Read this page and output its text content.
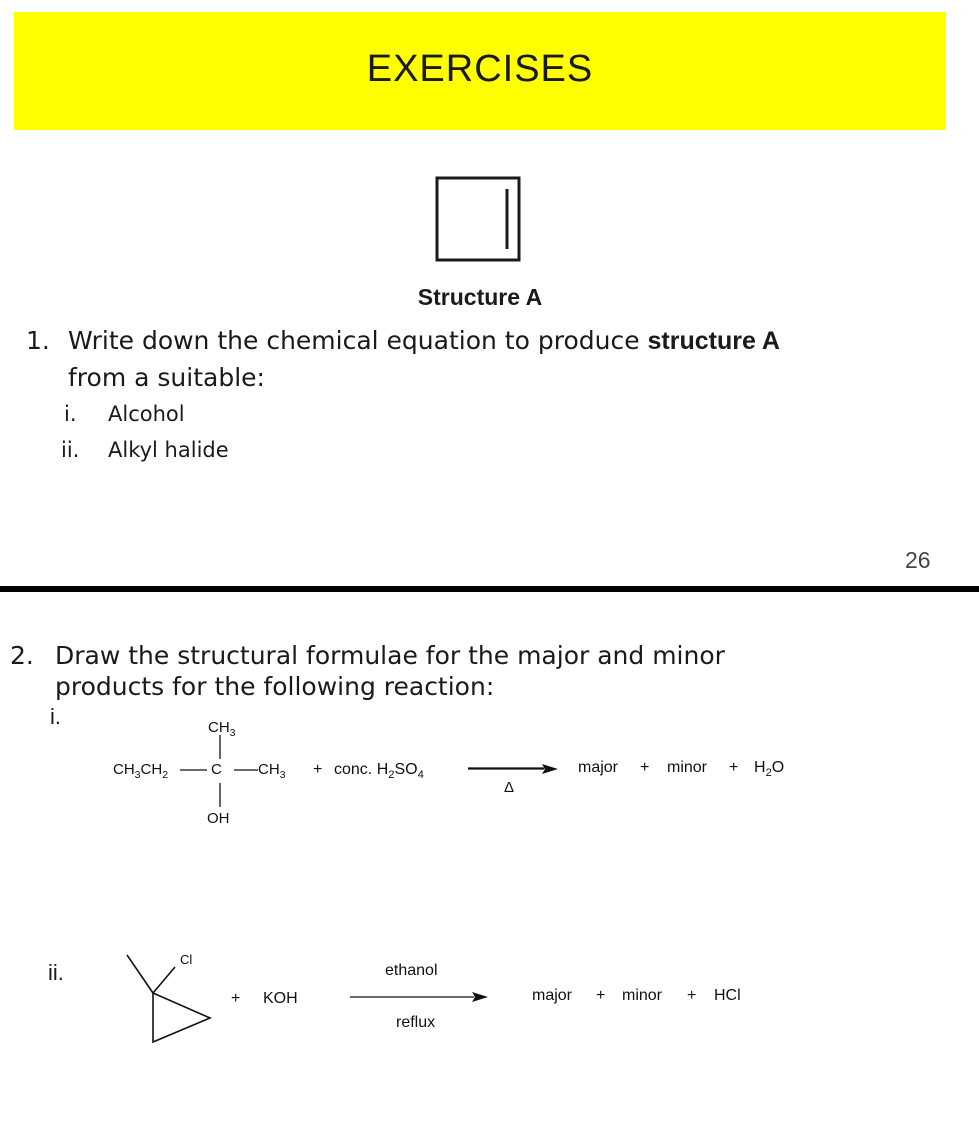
EXERCISES
Structure A
1. Write down the chemical equation to produce structure A
from a suitable:
i. Alcohol
ii. Alkyl halide
26
2. Draw the structural formulae for the major and minor
products for the following reaction:
i.	$CH_3$
$CH_3CH_2$	C $CH_3$
OH
+ conc. $H_2SO_4$
Δ
major + minor + $H_2O$
ii.
Cl
+ KOH
ethanol
reflux
major + minor + HCl
